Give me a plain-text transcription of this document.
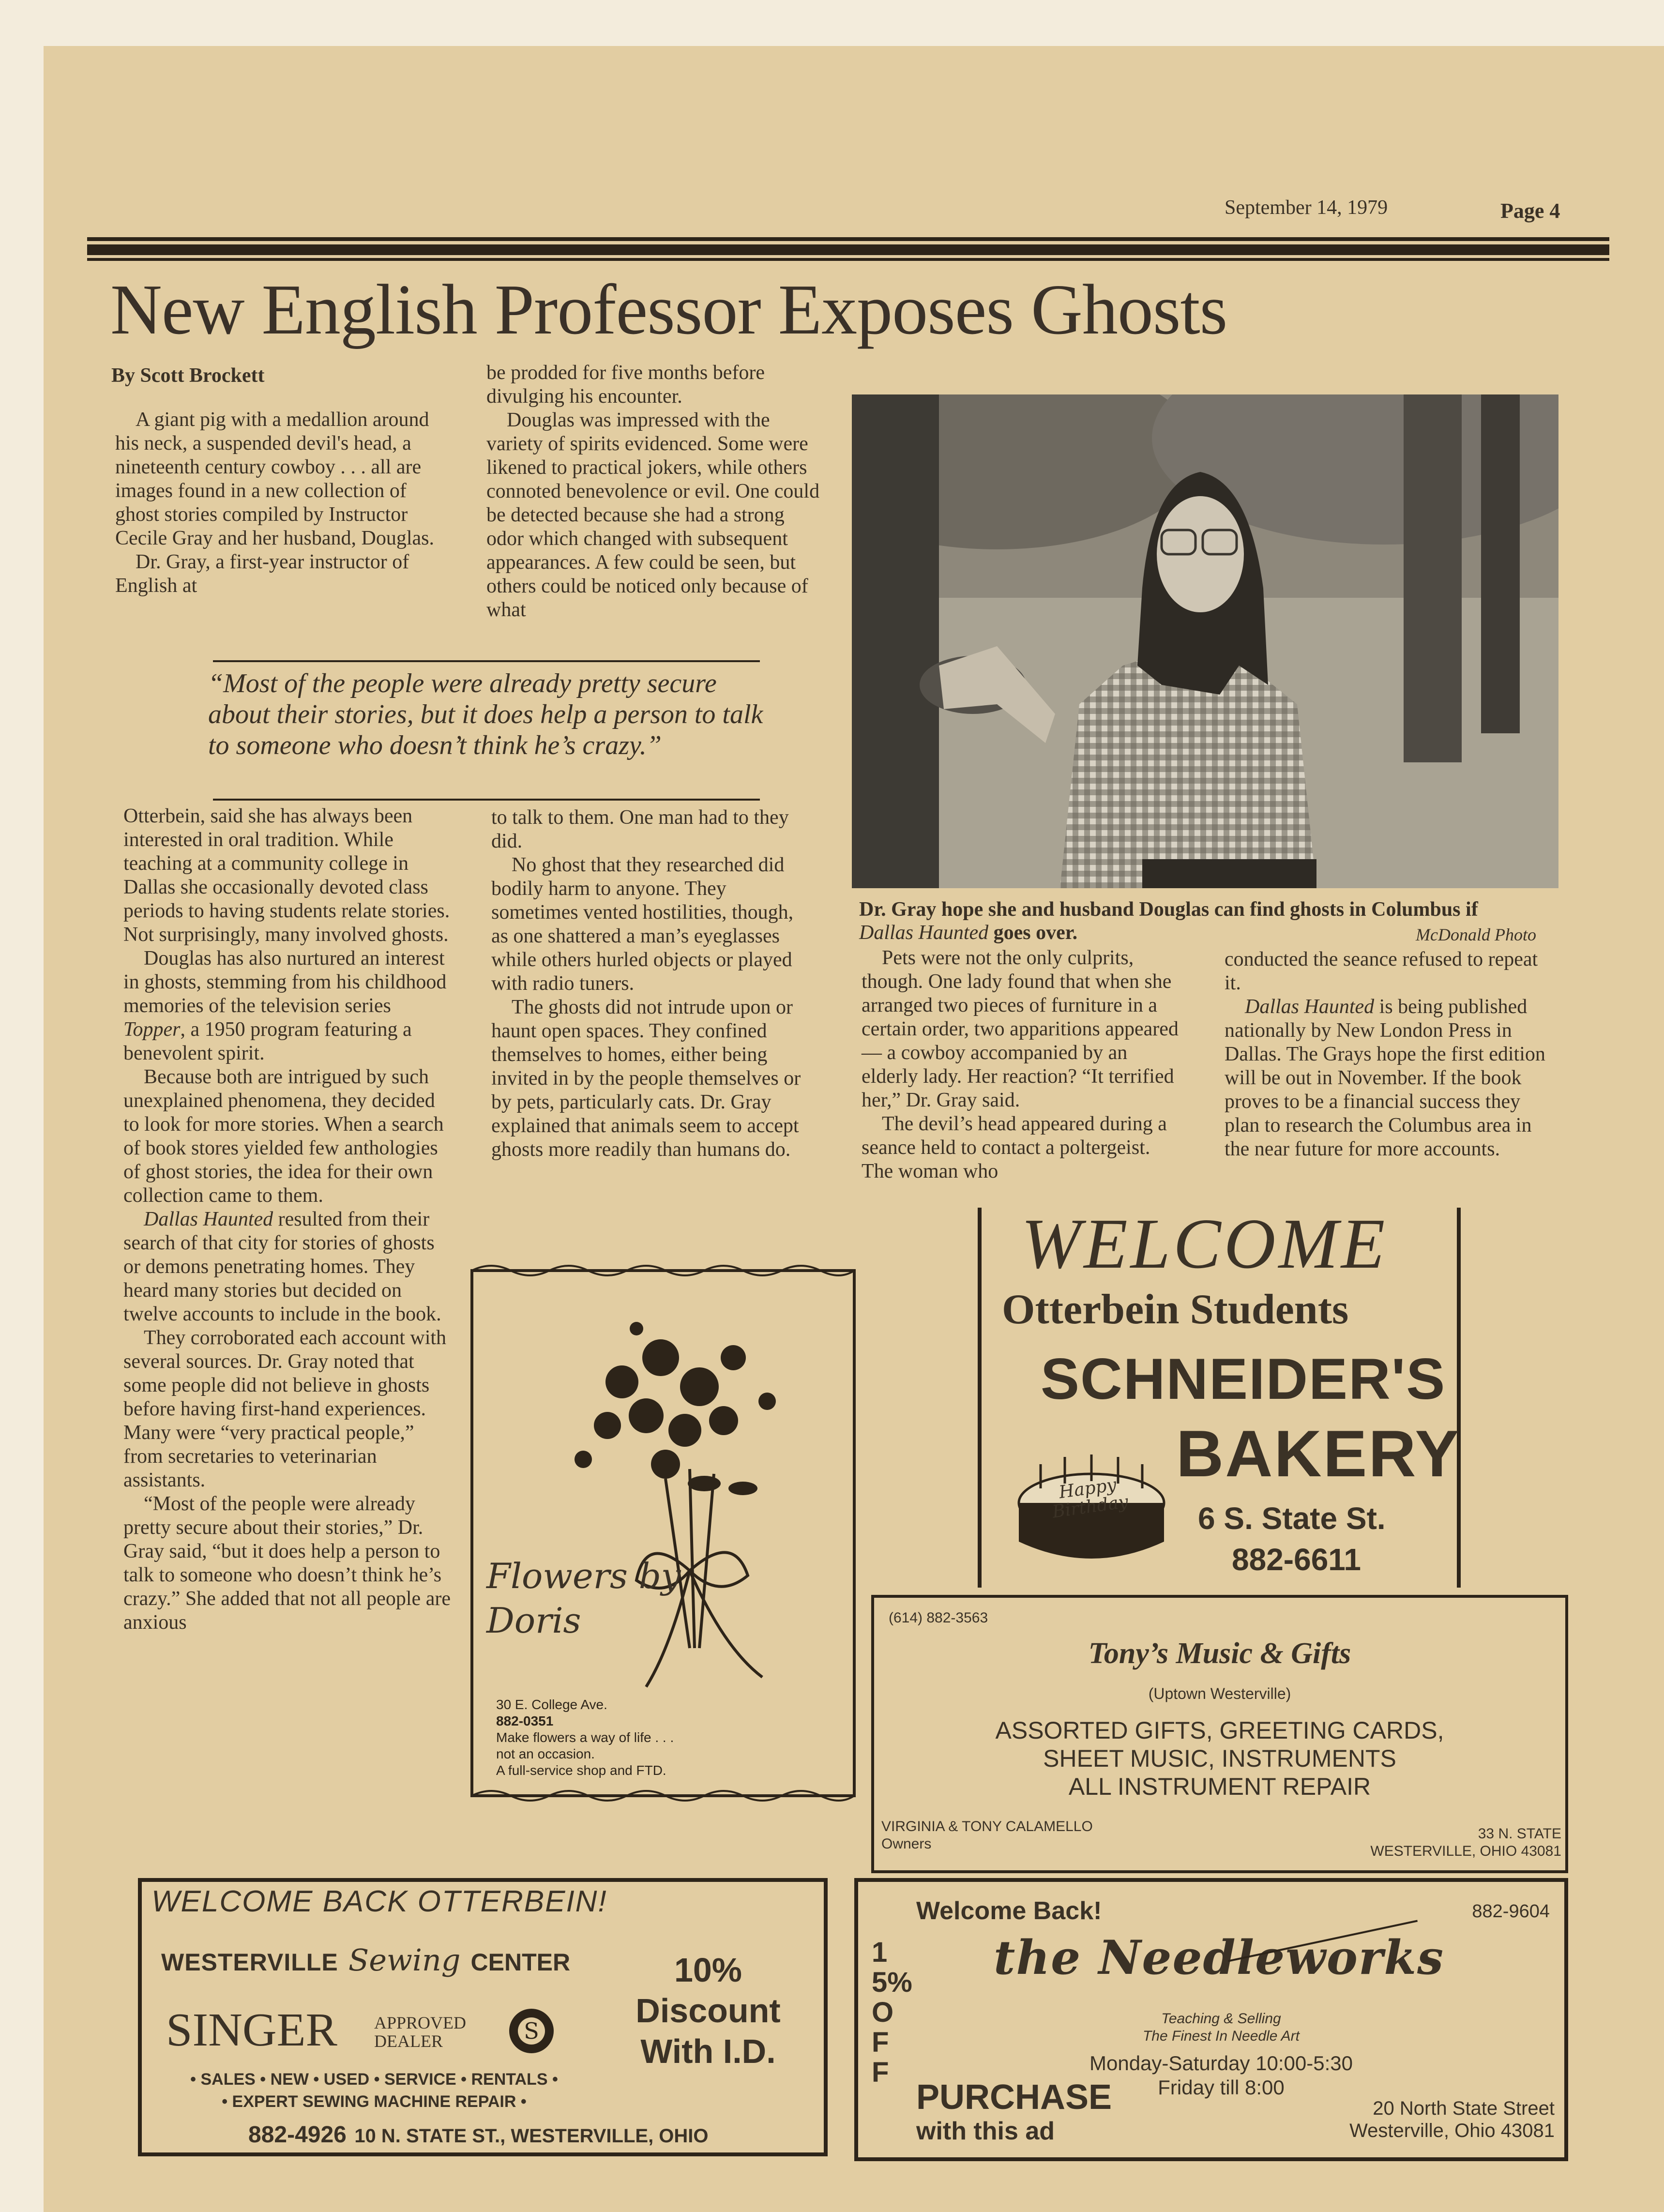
September 14, 1979	Page 4
New English Professor Exposes Ghosts
By Scott Brockett

A giant pig with a medallion around his neck, a suspended devil's head, a nineteenth century cowboy . . . all are images found in a new collection of ghost stories compiled by Instructor Cecile Gray and her husband, Douglas.

Dr. Gray, a first-year instructor of English at

be prodded for five months before divulging his encounter.

Douglas was impressed with the variety of spirits evidenced. Some were likened to practical jokers, while others connoted benevolence or evil. One could be detected because she had a strong odor which changed with subsequent appearances. A few could be seen, but others could be noticed only because of what

“Most of the people were already pretty secure about their stories, but it does help a person to talk to someone who doesn’t think he’s crazy.”

Otterbein, said she has always been interested in oral tradition. While teaching at a community college in Dallas she occasionally devoted class periods to having students relate stories. Not surprisingly, many involved ghosts.

Douglas has also nurtured an interest in ghosts, stemming from his childhood memories of the television series Topper, a 1950 program featuring a benevolent spirit.

Because both are intrigued by such unexplained phenomena, they decided to look for more stories. When a search of book stores yielded few anthologies of ghost stories, the idea for their own collection came to them.

Dallas Haunted resulted from their search of that city for stories of ghosts or demons penetrating homes. They heard many stories but decided on twelve accounts to include in the book.

They corroborated each account with several sources. Dr. Gray noted that some people did not believe in ghosts before having first-hand experiences. Many were “very practical people,” from secretaries to veterinarian assistants.

“Most of the people were already pretty secure about their stories,” Dr. Gray said, “but it does help a person to talk to someone who doesn’t think he’s crazy.” She added that not all people are anxious

to talk to them. One man had to they did.

No ghost that they researched did bodily harm to anyone. They sometimes vented hostilities, though, as one shattered a man’s eyeglasses while others hurled objects or played with radio tuners.

The ghosts did not intrude upon or haunt open spaces. They confined themselves to homes, either being invited in by the people themselves or by pets, particularly cats. Dr. Gray explained that animals seem to accept ghosts more readily than humans do.

Dr. Gray hope she and husband Douglas can find ghosts in Columbus if Dallas Haunted goes over.	McDonald Photo

Pets were not the only culprits, though. One lady found that when she arranged two pieces of furniture in a certain order, two apparitions appeared — a cowboy accompanied by an elderly lady. Her reaction? “It terrified her,” Dr. Gray said.

The devil’s head appeared during a seance held to contact a poltergeist. The woman who

conducted the seance refused to repeat it.

Dallas Haunted is being published nationally by New London Press in Dallas. The Grays hope the first edition will be out in November. If the book proves to be a financial success they plan to research the Columbus area in the near future for more accounts.

Flowers by Doris
30 E. College Ave.
882-0351
Make flowers a way of life . . .
not an occasion.
A full-service shop and FTD.
WELCOME
Otterbein Students
SCHNEIDER'S
BAKERY
Happy Birthday	6 S. State St.
882-6611
(614) 882-3563
Tony’s Music & Gifts
(Uptown Westerville)
ASSORTED GIFTS, GREETING CARDS,
SHEET MUSIC, INSTRUMENTS
ALL INSTRUMENT REPAIR
VIRGINIA & TONY CALAMELLO
Owners
33 N. STATE
WESTERVILLE, OHIO 43081
WELCOME BACK OTTERBEIN!
WESTERVILLE Sewing CENTER
SINGER APPROVED
DEALER	S
• SALES • NEW • USED • SERVICE • RENTALS •
• EXPERT SEWING MACHINE REPAIR •
10%
Discount
With I.D.
882-4926 10 N. STATE ST., WESTERVILLE, OHIO
Welcome Back!	882-9604
15% OFF
the Needleworks
Teaching & Selling
The Finest In Needle Art
Monday-Saturday 10:00-5:30
Friday till 8:00
PURCHASE
with this ad
20 North State Street
Westerville, Ohio 43081
